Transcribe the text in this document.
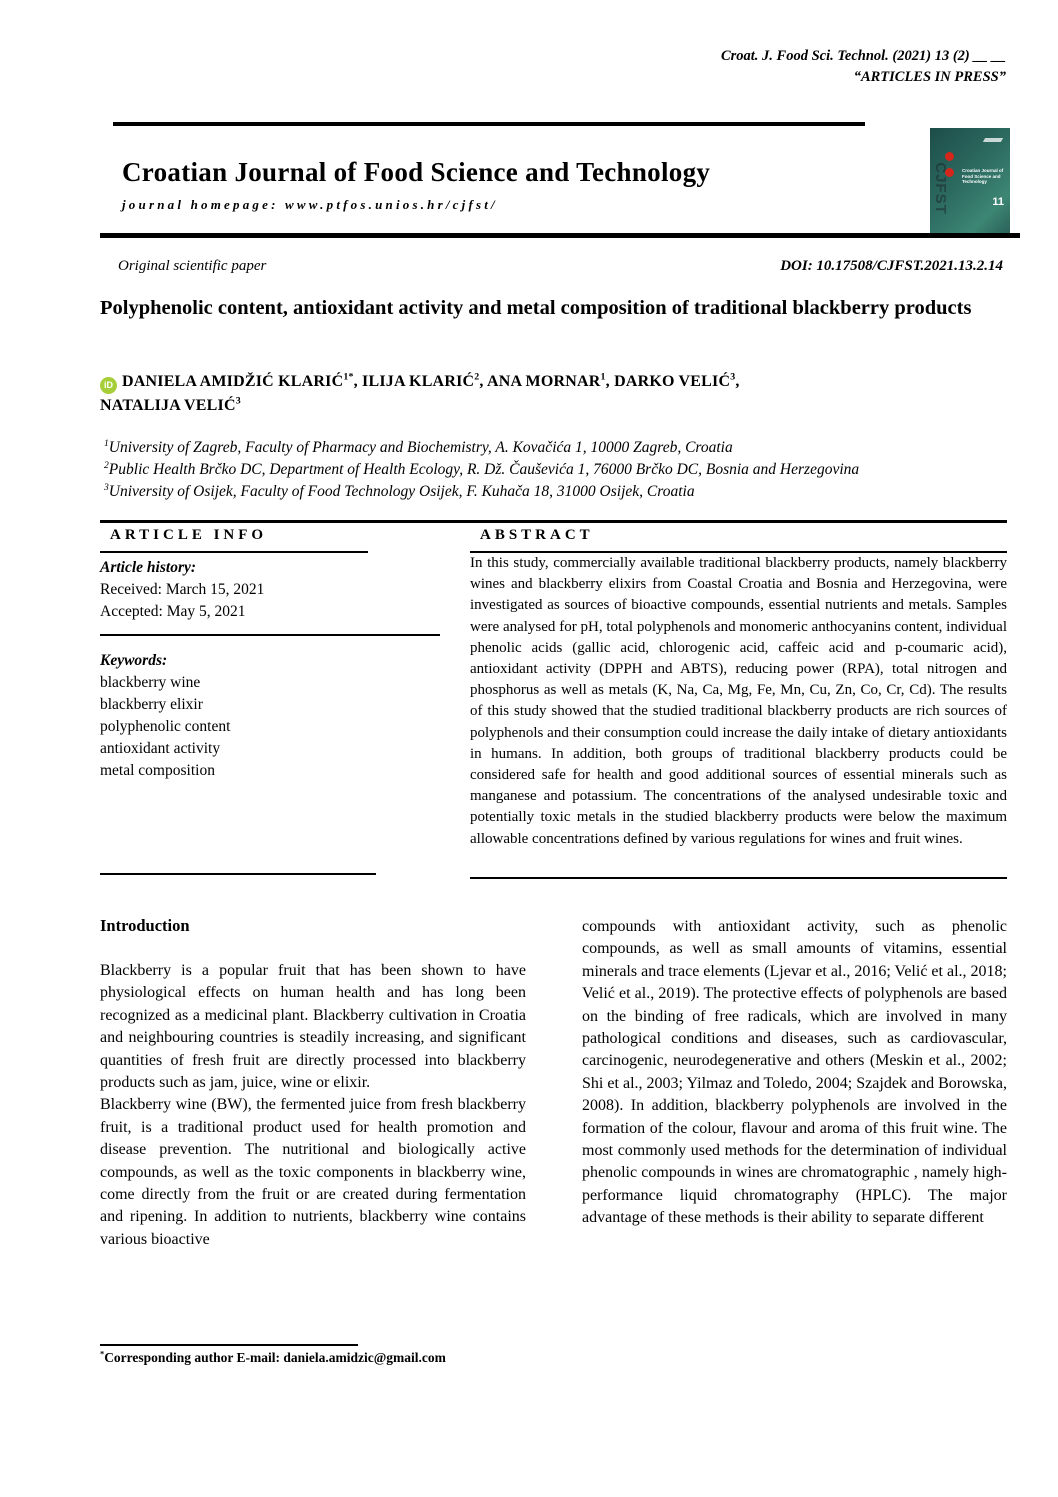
Croat. J. Food Sci. Technol. (2021) 13 (2) __ __
“ARTICLES IN PRESS”
Croatian Journal of Food Science and Technology
journal homepage: www.ptfos.unios.hr/cjfst/	CJFST	Croatian Journal of Food Science and Technology
11
Original scientific paper	DOI: 10.17508/CJFST.2021.13.2.14
Polyphenolic content, antioxidant activity and metal composition of traditional blackberry products
iD DANIELA AMIDŽIĆ $KLARIĆ^{1*}$, ILIJA KLARIĆ$^2$, ANA MORNAR$^1$, DARKO VELIĆ$^3$,
NATALIJA VELIĆ$^3$
$^1$University of Zagreb, Faculty of Pharmacy and Biochemistry, A. Kovačića 1, 10000 Zagreb, Croatia
$^2$Public Health Brčko DC, Department of Health Ecology, R. Dž. Čauševića 1, 76000 Brčko DC, Bosnia and Herzegovina
$^3$University of Osijek, Faculty of Food Technology Osijek, F. Kuhača 18, 31000 Osijek, Croatia
ARTICLE INFO
Article history:
Received: March 15, 2021
Accepted: May 5, 2021
Keywords:
blackberry wine
blackberry elixir
polyphenolic content
antioxidant activity
metal composition
ABSTRACT
In this study, commercially available traditional blackberry products, namely blackberry wines and blackberry elixirs from Coastal Croatia and Bosnia and Herzegovina, were investigated as sources of bioactive compounds, essential nutrients and metals. Samples were analysed for pH, total polyphenols and monomeric anthocyanins content, individual phenolic acids (gallic acid, chlorogenic acid, caffeic acid and p-coumaric acid), antioxidant activity (DPPH and ABTS), reducing power (RPA), total nitrogen and phosphorus as well as metals (K, Na, Ca, Mg, Fe, Mn, Cu, Zn, Co, Cr, Cd). The results of this study showed that the studied traditional blackberry products are rich sources of polyphenols and their consumption could increase the daily intake of dietary antioxidants in humans. In addition, both groups of traditional blackberry products could be considered safe for health and good additional sources of essential minerals such as manganese and potassium. The concentrations of the analysed undesirable toxic and potentially toxic metals in the studied blackberry products were below the maximum allowable concentrations defined by various regulations for wines and fruit wines.
Introduction
Blackberry is a popular fruit that has been shown to have physiological effects on human health and has long been recognized as a medicinal plant. Blackberry cultivation in Croatia and neighbouring countries is steadily increasing, and significant quantities of fresh fruit are directly processed into blackberry products such as jam, juice, wine or elixir.
Blackberry wine (BW), the fermented juice from fresh blackberry fruit, is a traditional product used for health promotion and disease prevention. The nutritional and biologically active compounds, as well as the toxic components in blackberry wine, come directly from the fruit or are created during fermentation and ripening. In addition to nutrients, blackberry wine contains various bioactive
compounds with antioxidant activity, such as phenolic compounds, as well as small amounts of vitamins, essential minerals and trace elements (Ljevar et al., 2016; Velić et al., 2018; Velić et al., 2019). The protective effects of polyphenols are based on the binding of free radicals, which are involved in many pathological conditions and diseases, such as cardiovascular, carcinogenic, neurodegenerative and others (Meskin et al., 2002; Shi et al., 2003; Yilmaz and Toledo, 2004; Szajdek and Borowska, 2008). In addition, blackberry polyphenols are involved in the formation of the colour, flavour and aroma of this fruit wine. The most commonly used methods for the determination of individual phenolic compounds in wines are chromatographic , namely high- performance liquid chromatography (HPLC). The major advantage of these methods is their ability to separate different
*Corresponding author E-mail: daniela.amidzic@gmail.com
